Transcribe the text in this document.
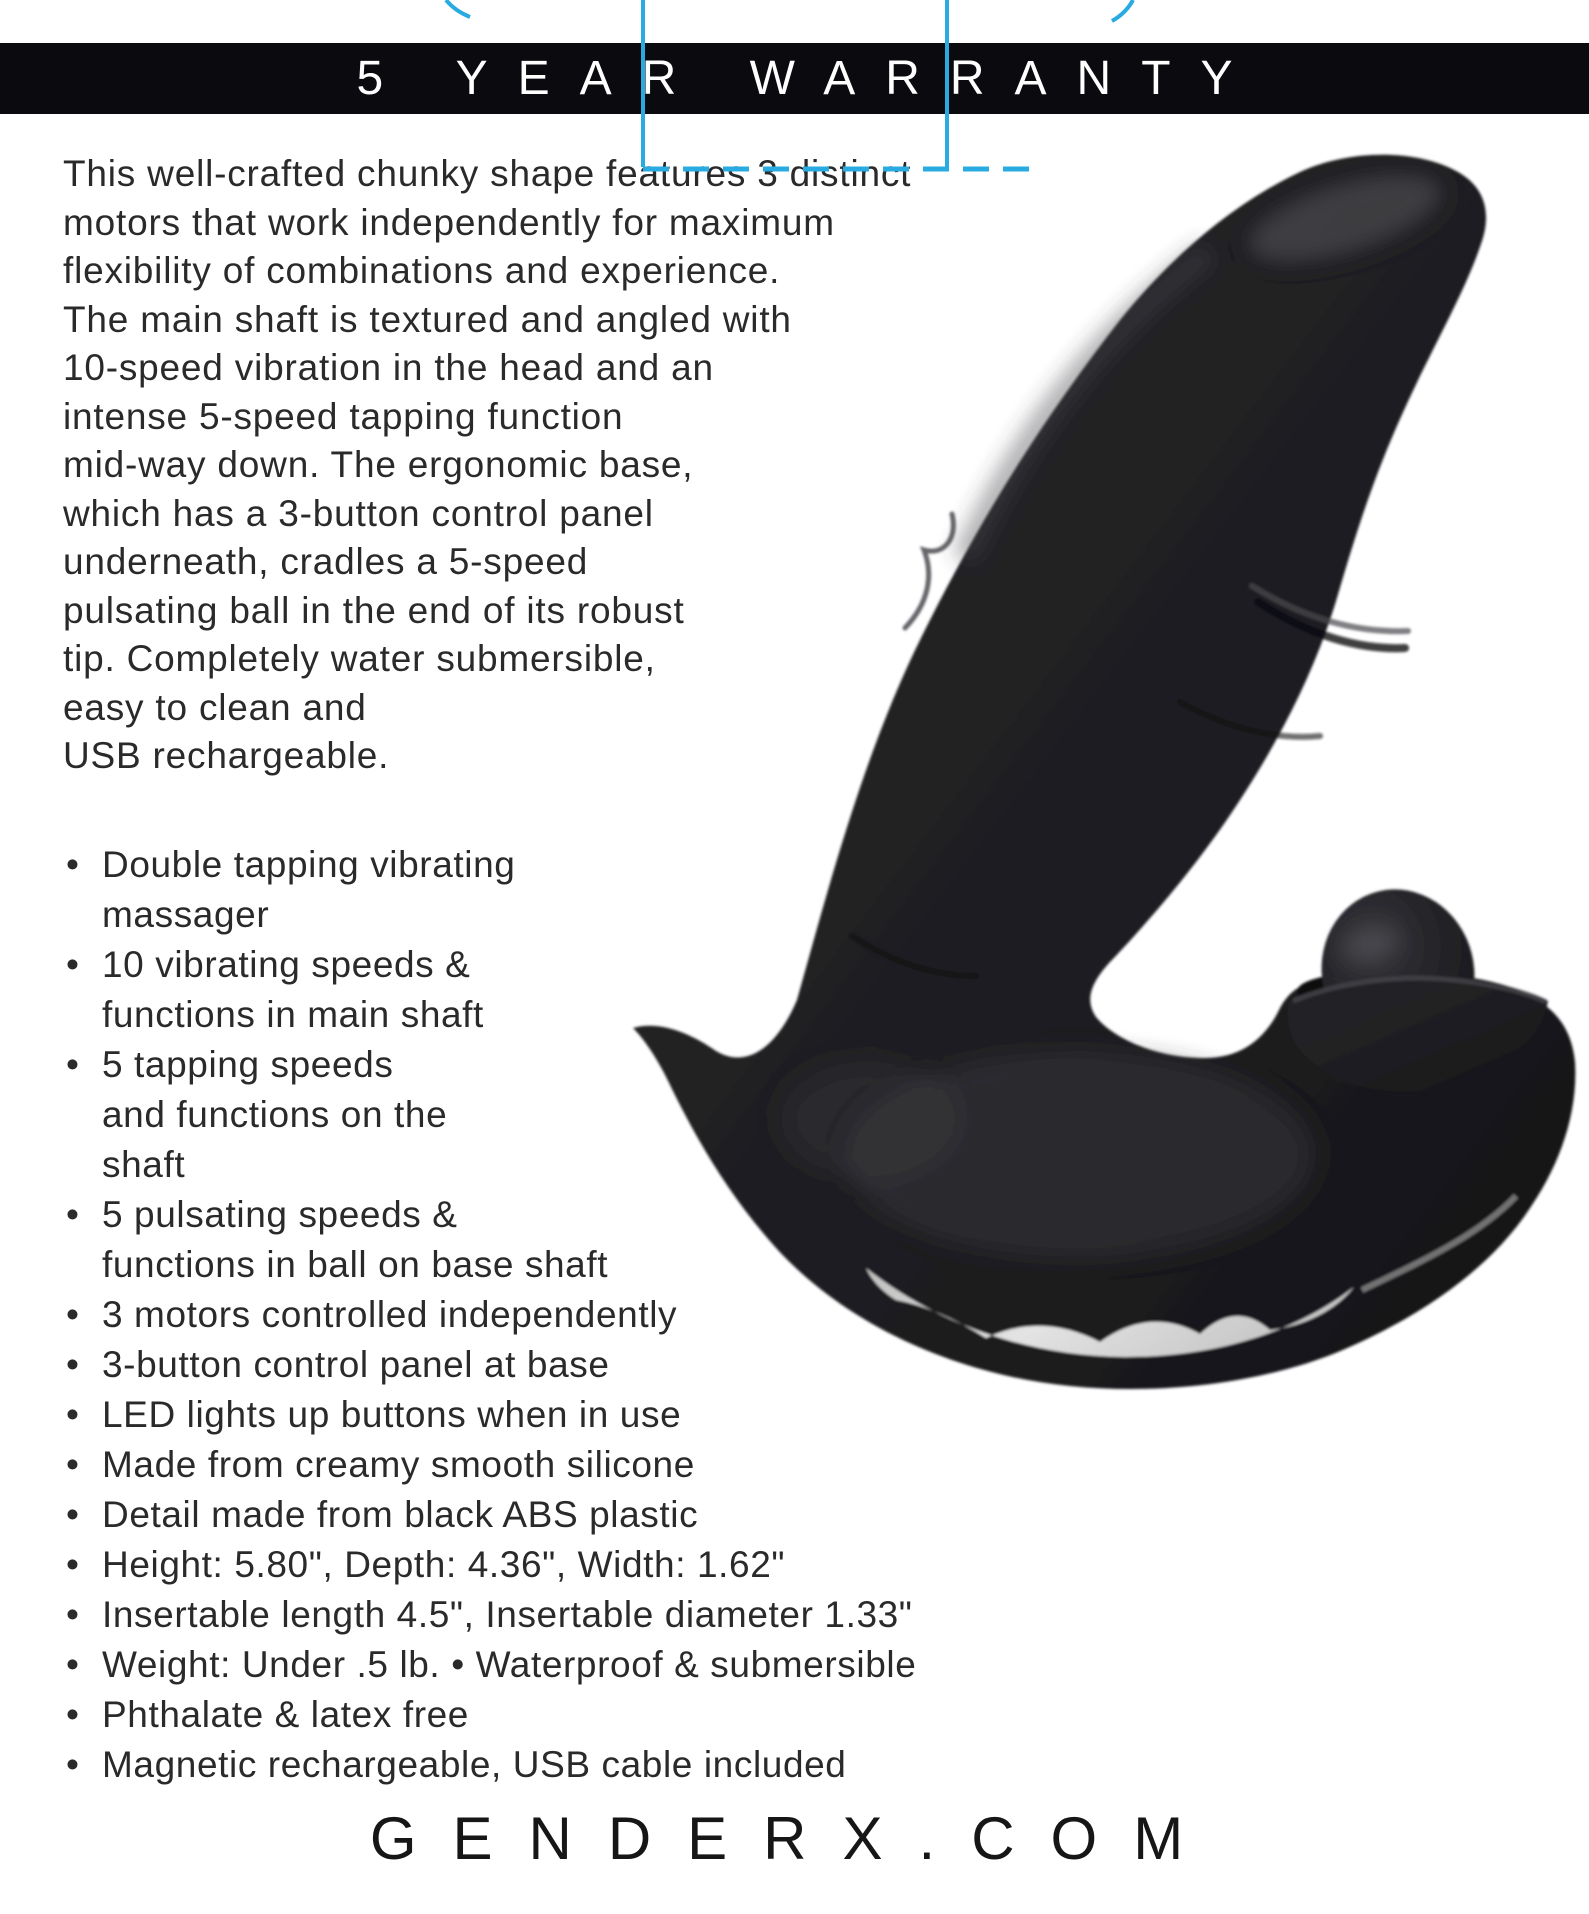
5 YEAR WARRANTY
This well-crafted chunky shape features 3 distinct
motors that work independently for maximum
flexibility of combinations and experience.
The main shaft is textured and angled with
10-speed vibration in the head and an
intense 5-speed tapping function
mid-way down. The ergonomic base,
which has a 3-button control panel
underneath, cradles a 5-speed
pulsating ball in the end of its robust
tip. Completely water submersible,
easy to clean and
USB rechargeable.
• Double tapping vibrating
massager
• 10 vibrating speeds &
functions in main shaft
• 5 tapping speeds
and functions on the
shaft
• 5 pulsating speeds &
functions in ball on base shaft
• 3 motors controlled independently
• 3-button control panel at base
• LED lights up buttons when in use
• Made from creamy smooth silicone
• Detail made from black ABS plastic
• Height: 5.80", Depth: 4.36", Width: 1.62"
• Insertable length 4.5", Insertable diameter 1.33"
• Weight: Under .5 lb. • Waterproof & submersible
• Phthalate & latex free
• Magnetic rechargeable, USB cable included
GENDERX.COM
